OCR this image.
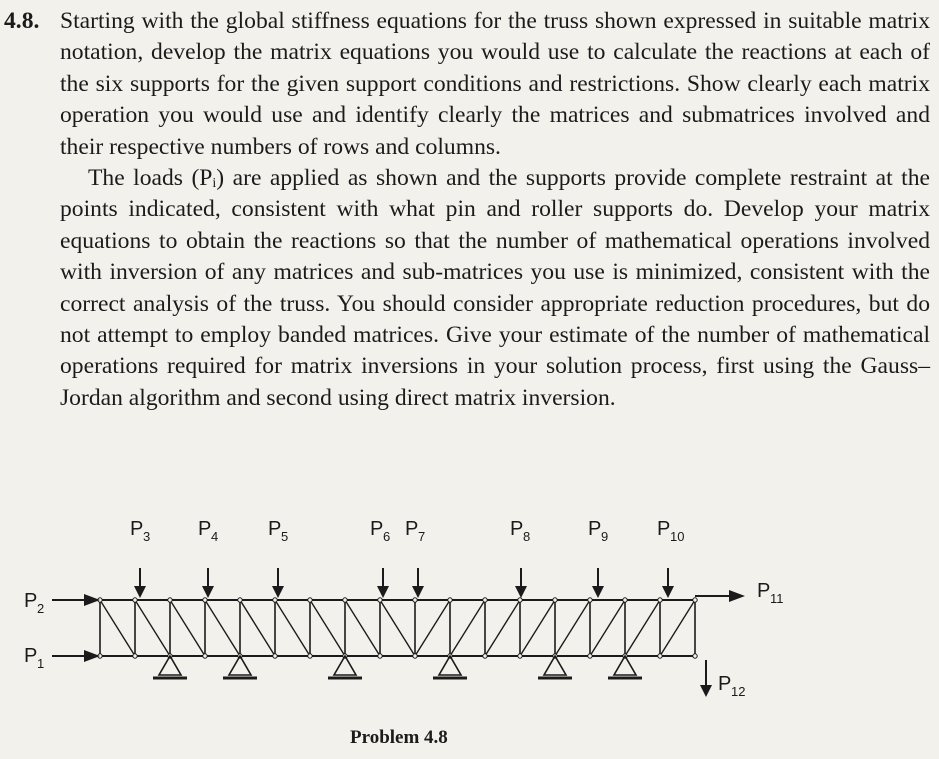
4.8. Starting with the global stiffness equations for the truss shown expressed in suitable matrix notation, develop the matrix equations you would use to calculate the reactions at each of the six supports for the given support conditions and restrictions. Show clearly each matrix operation you would use and identify clearly the matrices and submatrices involved and their respective numbers of rows and columns.

The loads (Pᵢ) are applied as shown and the supports provide complete restraint at the points indicated, consistent with what pin and roller supports do. Develop your matrix equations to obtain the reactions so that the number of mathematical operations involved with inversion of any matrices and sub-matrices you use is minimized, consistent with the correct analysis of the truss. You should consider appropriate reduction procedures, but do not attempt to employ banded matrices. Give your estimate of the number of mathematical operations required for matrix inversions in your solution process, first using the Gauss–Jordan algorithm and second using direct matrix inversion.

P 3 P 4 P 5	P 6 P 7	P 8	P 9 P 10
P 2
P 1
P 11
P 12
Problem 4.8
